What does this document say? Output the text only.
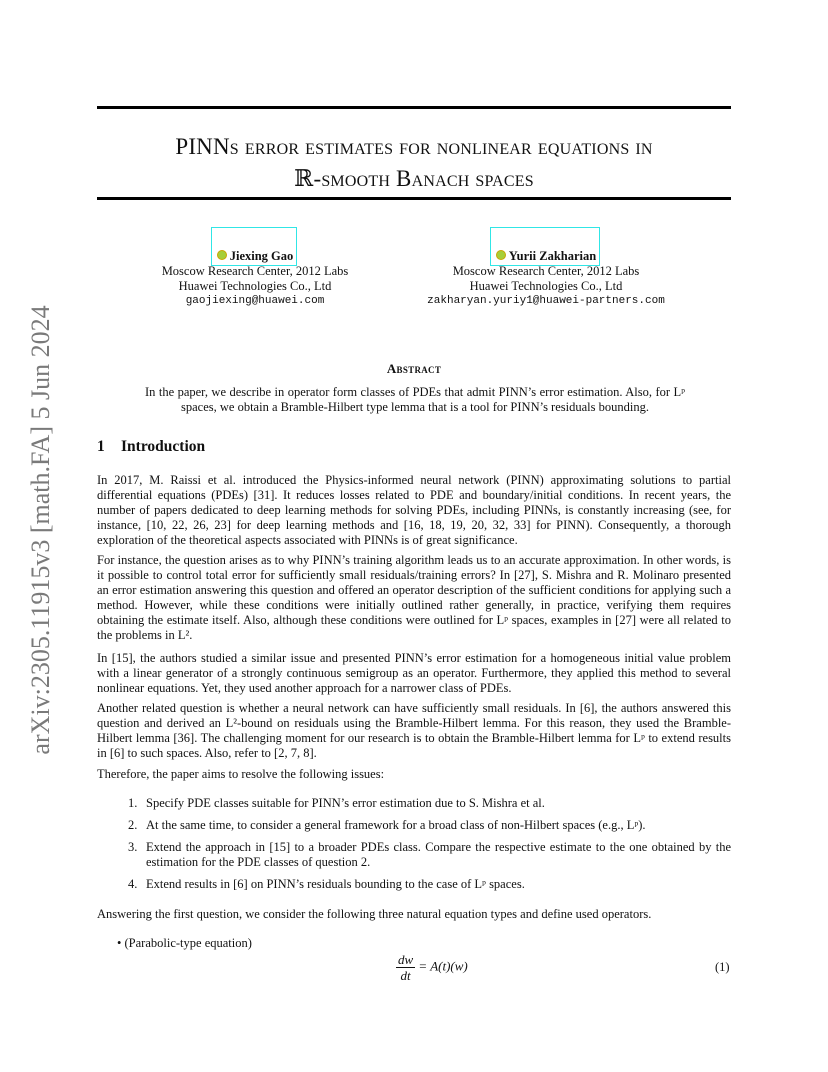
arXiv:2305.11915v3 [math.FA] 5 Jun 2024
PINNs error estimates for nonlinear equations in
ℝ-smooth Banach spaces
Jiexing Gao
Moscow Research Center, 2012 Labs
Huawei Technologies Co., Ltd
gaojiexing@huawei.com
Yurii Zakharian
Moscow Research Center, 2012 Labs
Huawei Technologies Co., Ltd
zakharyan.yuriy1@huawei-partners.com
Abstract
In the paper, we describe in operator form classes of PDEs that admit PINN’s error estimation. Also, for Lᵖ spaces, we obtain a Bramble-Hilbert type lemma that is a tool for PINN’s residuals bounding.
1 Introduction
In 2017, M. Raissi et al. introduced the Physics-informed neural network (PINN) approximating solutions to partial differential equations (PDEs) [31]. It reduces losses related to PDE and boundary/initial conditions. In recent years, the number of papers dedicated to deep learning methods for solving PDEs, including PINNs, is constantly increasing (see, for instance, [10, 22, 26, 23] for deep learning methods and [16, 18, 19, 20, 32, 33] for PINN). Consequently, a thorough exploration of the theoretical aspects associated with PINNs is of great significance.
For instance, the question arises as to why PINN’s training algorithm leads us to an accurate approximation. In other words, is it possible to control total error for sufficiently small residuals/training errors? In [27], S. Mishra and R. Molinaro presented an error estimation answering this question and offered an operator description of the sufficient conditions for applying such a method. However, while these conditions were initially outlined rather generally, in practice, verifying them requires obtaining the estimate itself. Also, although these conditions were outlined for Lᵖ spaces, examples in [27] were all related to the problems in L².
In [15], the authors studied a similar issue and presented PINN’s error estimation for a homogeneous initial value problem with a linear generator of a strongly continuous semigroup as an operator. Furthermore, they applied this method to several nonlinear equations. Yet, they used another approach for a narrower class of PDEs.
Another related question is whether a neural network can have sufficiently small residuals. In [6], the authors answered this question and derived an L²-bound on residuals using the Bramble-Hilbert lemma. For this reason, they used the Bramble-Hilbert lemma [36]. The challenging moment for our research is to obtain the Bramble-Hilbert lemma for Lᵖ to extend results in [6] to such spaces. Also, refer to [2, 7, 8].
Therefore, the paper aims to resolve the following issues:
1. Specify PDE classes suitable for PINN’s error estimation due to S. Mishra et al.
2. At the same time, to consider a general framework for a broad class of non-Hilbert spaces (e.g., Lᵖ).
3. Extend the approach in [15] to a broader PDEs class. Compare the respective estimate to the one obtained by the estimation for the PDE classes of question 2.
4. Extend results in [6] on PINN’s residuals bounding to the case of Lᵖ spaces.
Answering the first question, we consider the following three natural equation types and define used operators.
• (Parabolic-type equation)
$\frac{dw}{dt} = A(t)(w)$	(1)
